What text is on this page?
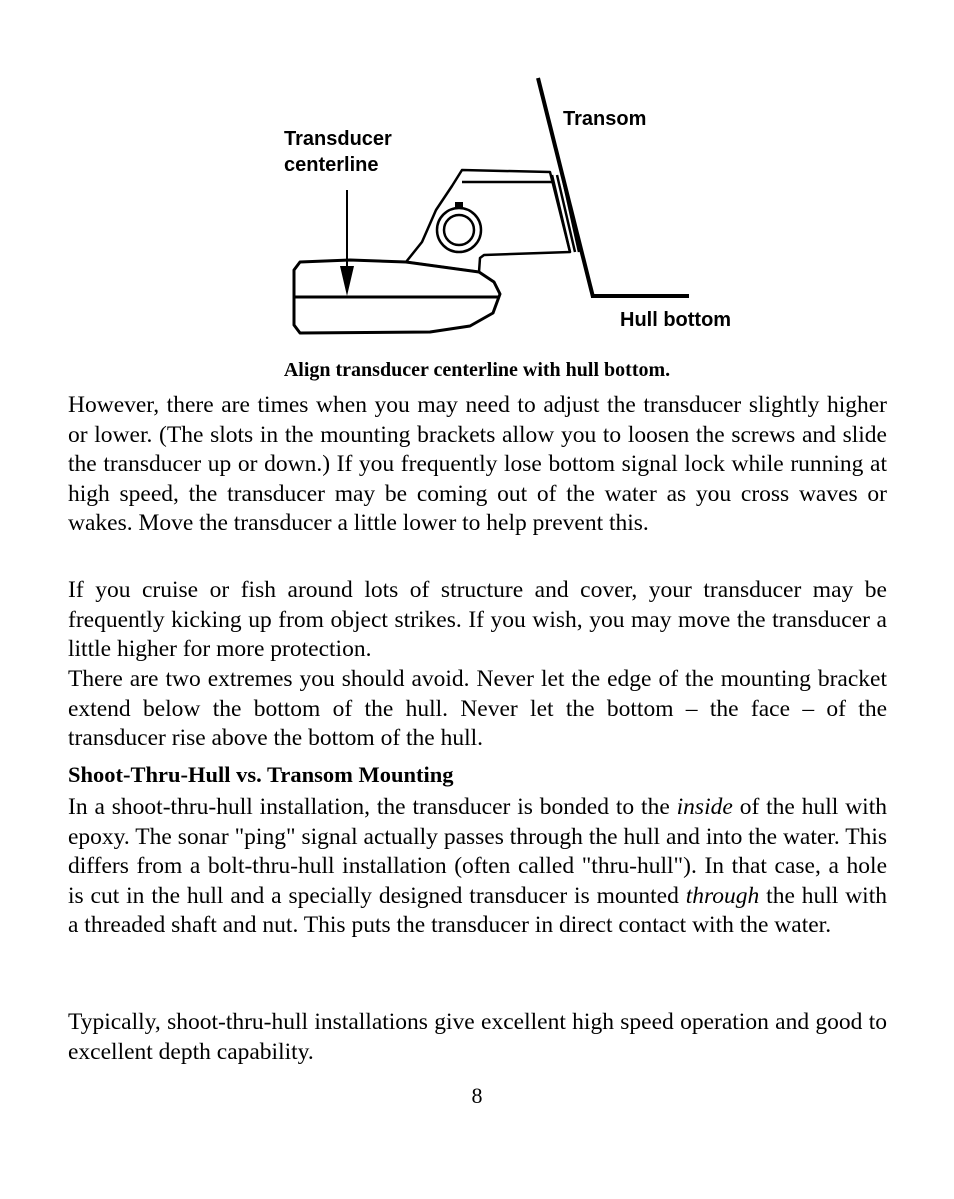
Transducer
centerline
Transom
Hull bottom
Align transducer centerline with hull bottom.

However, there are times when you may need to adjust the transducer slightly higher or lower. (The slots in the mounting brackets allow you to loosen the screws and slide the transducer up or down.) If you frequently lose bottom signal lock while running at high speed, the transducer may be coming out of the water as you cross waves or wakes. Move the transducer a little lower to help prevent this.

If you cruise or fish around lots of structure and cover, your transducer may be frequently kicking up from object strikes. If you wish, you may move the transducer a little higher for more protection.

There are two extremes you should avoid. Never let the edge of the mounting bracket extend below the bottom of the hull. Never let the bottom – the face – of the transducer rise above the bottom of the hull.

Shoot-Thru-Hull vs. Transom Mounting

In a shoot-thru-hull installation, the transducer is bonded to the inside of the hull with epoxy. The sonar "ping" signal actually passes through the hull and into the water. This differs from a bolt-thru-hull installation (often called "thru-hull"). In that case, a hole is cut in the hull and a specially designed transducer is mounted through the hull with a threaded shaft and nut. This puts the transducer in direct contact with the water.

Typically, shoot-thru-hull installations give excellent high speed operation and good to excellent depth capability.

8
